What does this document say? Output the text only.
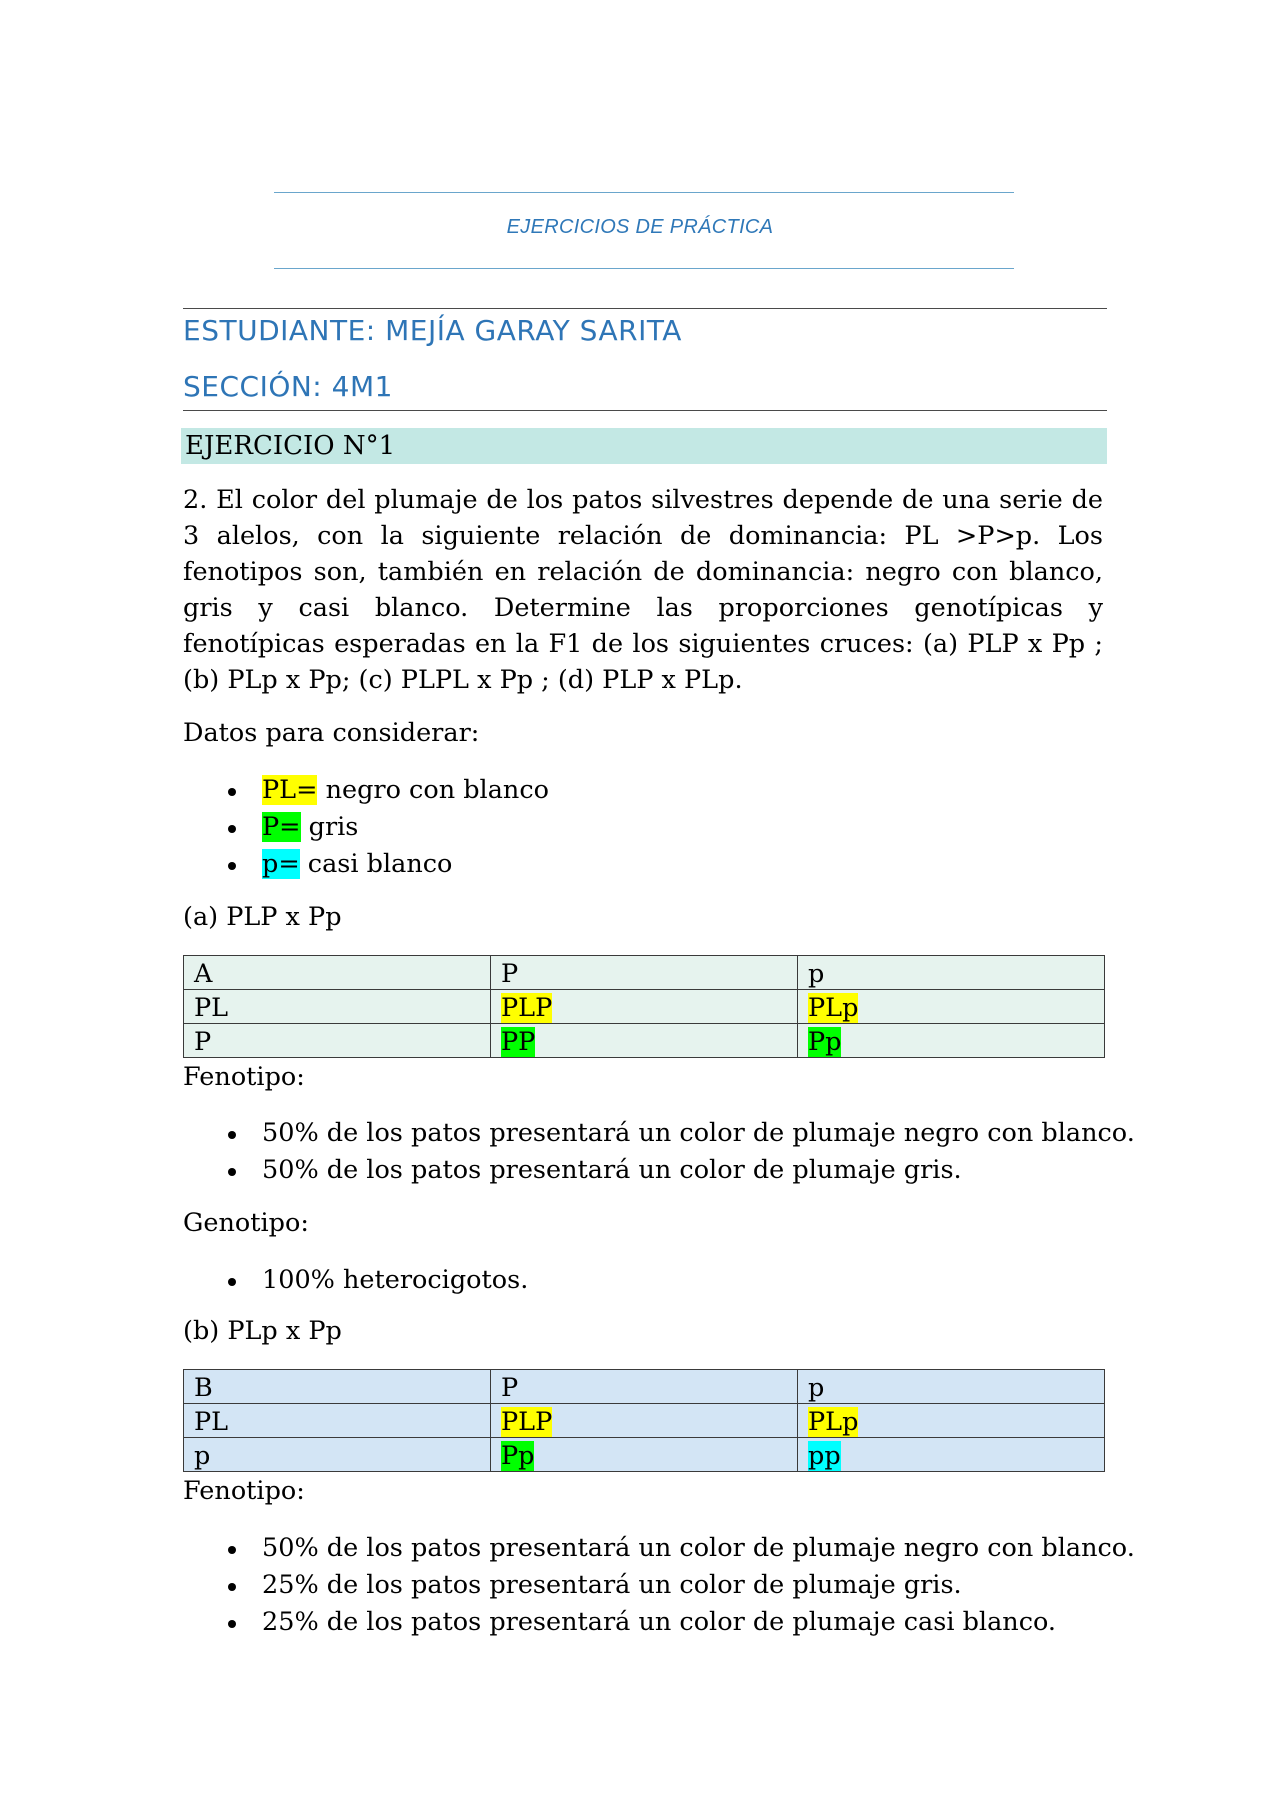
EJERCICIOS DE PRÁCTICA
ESTUDIANTE: MEJÍA GARAY SARITA
SECCIÓN: 4M1
EJERCICIO N°1

2. El color del plumaje de los patos silvestres depende de una serie de 3 alelos, con la siguiente relación de dominancia: PL >P>p. Los fenotipos son, también en relación de dominancia: negro con blanco, gris y casi blanco. Determine las proporciones genotípicas y fenotípicas esperadas en la F1 de los siguientes cruces: (a) PLP x Pp ; (b) PLp x Pp; (c) PLPL x Pp ; (d) PLP x PLp.

Datos para considerar:
PL= negro con blanco
P= gris
p= casi blanco
(a) PLP x Pp
A	P	p
PL	PLP	PLp
P	PP	Pp
Fenotipo:
50% de los patos presentará un color de plumaje negro con blanco.
50% de los patos presentará un color de plumaje gris.
Genotipo:
100% heterocigotos.
(b) PLp x Pp
B	P	p
PL	PLP	PLp
p	Pp	pp
Fenotipo:
50% de los patos presentará un color de plumaje negro con blanco.
25% de los patos presentará un color de plumaje gris.
25% de los patos presentará un color de plumaje casi blanco.
